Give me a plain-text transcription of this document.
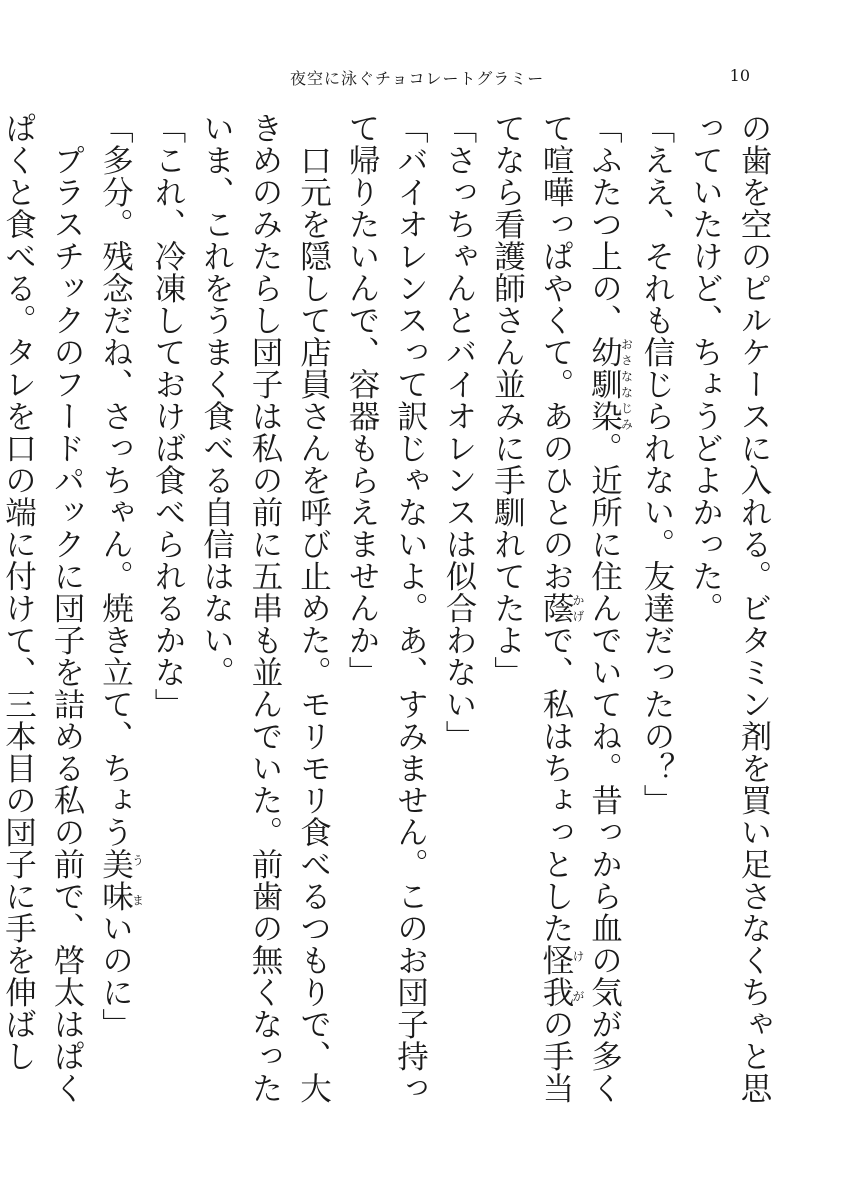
夜空に泳ぐチョコレートグラミー	10

の歯を空のピルケースに入れる。ビタミン剤を買い足さなくちゃと思っていたけど、ちょうどよかった。

「ええ、それも信じられない。友達だったの？」

「ふたつ上の、幼馴染おさななじみ。近所に住んでいてね。昔っから血の気が多くて喧嘩っぱやくて。あのひとのお蔭かげで、私はちょっとした怪我け がの手当てなら看護師さん並みに手馴れてたよ」

「さっちゃんとバイオレンスは似合わない」

「バイオレンスって訳じゃないよ。あ、すみません。このお団子持って帰りたいんで、容器もらえませんか」

口元を隠して店員さんを呼び止めた。モリモリ食べるつもりで、大きめのみたらし団子は私の前に五串も並んでいた。前歯の無くなったいま、これをうまく食べる自信はない。

「これ、冷凍しておけば食べられるかな」

「多分。残念だね、さっちゃん。焼き立て、ちょう美味う まいのに」

プラスチックのフードパックに団子を詰める私の前で、啓太はぱくぱくと食べる。タレを口の端に付けて、三本目の団子に手を伸ばし
